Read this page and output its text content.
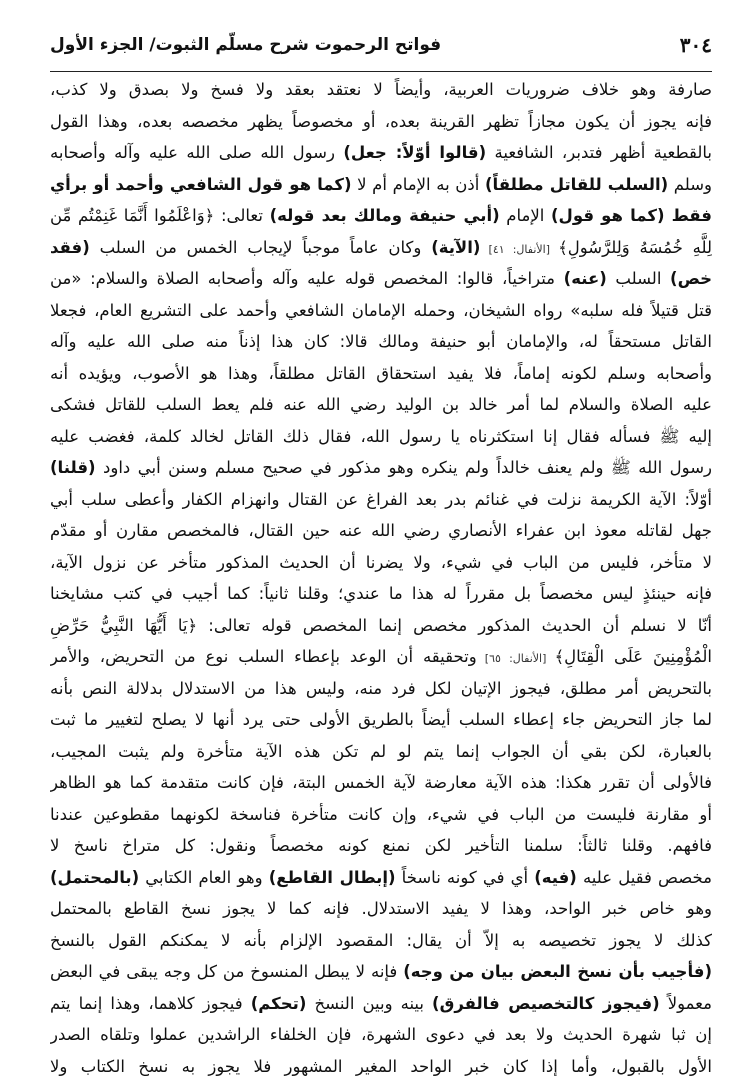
٣٠٤
فواتح الرحموت شرح مسلّم الثبوت/ الجزء الأول
صارفة وهو خلاف ضروريات العربية، وأيضاً لا نعتقد بعقد ولا فسخ ولا بصدق ولا كذب،
فإنه يجوز أن يكون مجازاً تظهر القرينة بعده، أو مخصوصاً يظهر مخصصه بعده، وهذا القول
بالقطعية أظهر فتدبر، الشافعية (قالوا أوّلاً: جعل) رسول الله صلى الله عليه وآله وأصحابه
وسلم (السلب للقاتل مطلقاً) أذن به الإمام أم لا (كما هو قول الشافعي وأحمد أو برأي
فقط (كما هو قول) الإمام (أبي حنيفة ومالك بعد قوله) تعالى: ﴿وَاعْلَمُوا أَنَّمَا غَنِمْتُم مِّن
لِلَّهِ خُمُسَهُ وَلِلرَّسُولِ﴾ [الأنفال: ٤١] (الآية) وكان عاماً موجباً لإيجاب الخمس من السلب (فقد
خص) السلب (عنه) متراخياً، قالوا: المخصص قوله عليه وآله وأصحابه الصلاة والسلام: «من
قتل قتيلاً فله سلبه» رواه الشيخان، وحمله الإمامان الشافعي وأحمد على التشريع العام، فجعلا
القاتل مستحقاً له، والإمامان أبو حنيفة ومالك قالا: كان هذا إذناً منه صلى الله عليه وآله
وأصحابه وسلم لكونه إماماً، فلا يفيد استحقاق القاتل مطلقاً، وهذا هو الأصوب، ويؤيده أنه
عليه الصلاة والسلام لما أمر خالد بن الوليد رضي الله عنه فلم يعط السلب للقاتل فشكى
إليه ﷺ فسأله فقال إنا استكثرناه يا رسول الله، فقال ذلك القاتل لخالد كلمة، فغضب عليه
رسول الله ﷺ ولم يعنف خالداً ولم ينكره وهو مذكور في صحيح مسلم وسنن أبي داود (قلنا)
أوّلاً: الآية الكريمة نزلت في غنائم بدر بعد الفراغ عن القتال وانهزام الكفار وأعطى سلب أبي
جهل لقاتله معوذ ابن عفراء الأنصاري رضي الله عنه حين القتال، فالمخصص مقارن أو مقدّم
لا متأخر، فليس من الباب في شيء، ولا يضرنا أن الحديث المذكور متأخر عن نزول الآية،
فإنه حينئذٍ ليس مخصصاً بل مقرراً له هذا ما عندي؛ وقلنا ثانياً: كما أجيب في كتب مشايخنا
أنّا لا نسلم أن الحديث المذكور مخصص إنما المخصص قوله تعالى: ﴿يَا أَيُّهَا النَّبِيُّ حَرِّضِ
الْمُؤْمِنِينَ عَلَى الْقِتَالِ﴾ [الأنفال: ٦٥] وتحقيقه أن الوعد بإعطاء السلب نوع من التحريض، والأمر
بالتحريض أمر مطلق، فيجوز الإتيان لكل فرد منه، وليس هذا من الاستدلال بدلالة النص بأنه
لما جاز التحريض جاء إعطاء السلب أيضاً بالطريق الأولى حتى يرد أنها لا يصلح لتغيير ما ثبت
بالعبارة، لكن بقي أن الجواب إنما يتم لو لم تكن هذه الآية متأخرة ولم يثبت المجيب،
فالأولى أن تقرر هكذا: هذه الآية معارضة لآية الخمس البتة، فإن كانت متقدمة كما هو الظاهر
أو مقارنة فليست من الباب في شيء، وإن كانت متأخرة فناسخة لكونهما مقطوعين عندنا
فافهم. وقلنا ثالثاً: سلمنا التأخير لكن نمنع كونه مخصصاً ونقول: كل متراخ ناسخ لا
مخصص فقيل عليه (فيه) أي في كونه ناسخاً (إبطال القاطع) وهو العام الكتابي (بالمحتمل)
وهو خاص خبر الواحد، وهذا لا يفيد الاستدلال. فإنه كما لا يجوز نسخ القاطع بالمحتمل
كذلك لا يجوز تخصيصه به إلاّ أن يقال: المقصود الإلزام بأنه لا يمكنكم القول بالنسخ
(فأجيب بأن نسخ البعض بيان من وجه) فإنه لا يبطل المنسوخ من كل وجه يبقى في البعض
معمولاً (فيجوز كالتخصيص فالفرق) بينه وبين النسخ (تحكم) فيجوز كلاهما، وهذا إنما يتم
إن ثبا شهرة الحديث ولا بعد في دعوى الشهرة، فإن الخلفاء الراشدين عملوا وتلقاه الصدر
الأول بالقبول، وأما إذا كان خبر الواحد المغير المشهور فلا يجوز به نسخ الكتاب ولا
